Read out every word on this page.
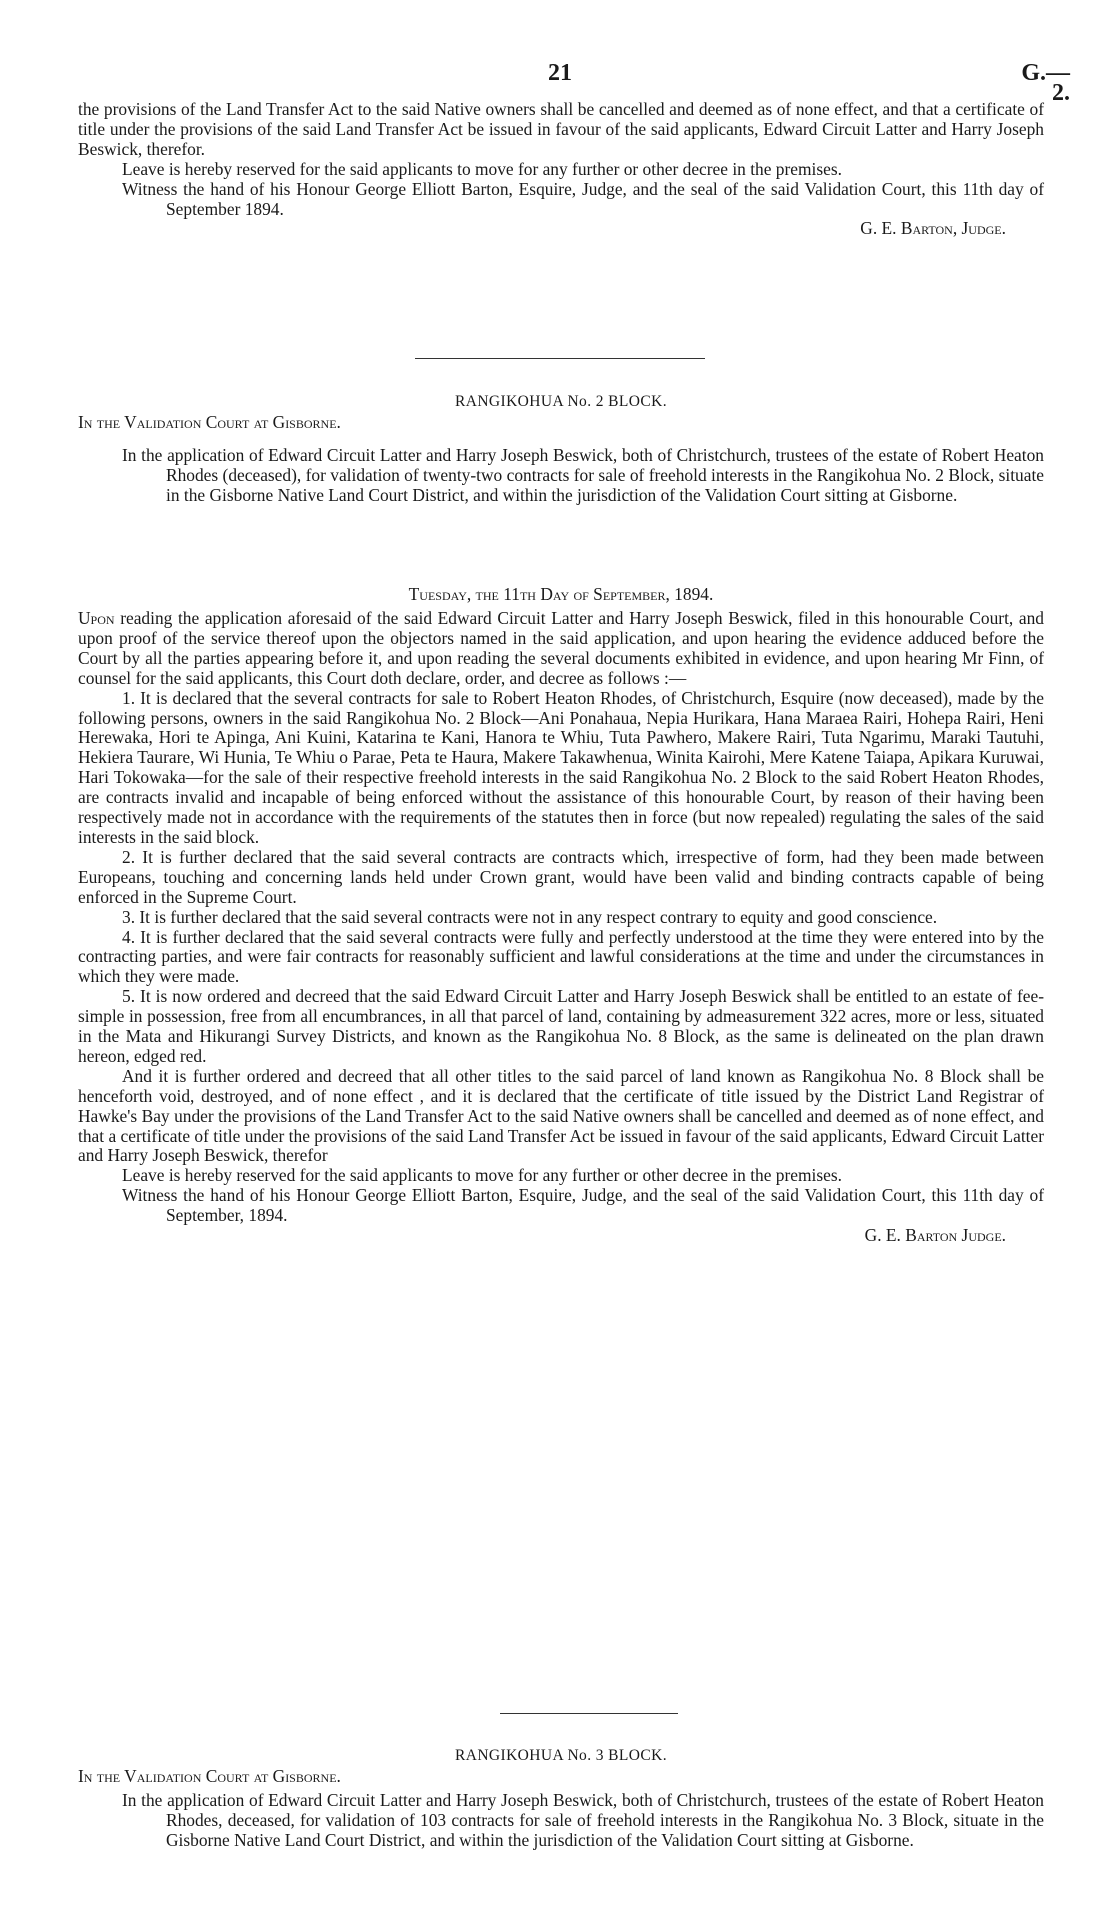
21	G.—2.

the provisions of the Land Transfer Act to the said Native owners shall be cancelled and deemed as of none effect, and that a certificate of title under the provisions of the said Land Transfer Act be issued in favour of the said applicants, Edward Circuit Latter and Harry Joseph Beswick, therefor.

Leave is hereby reserved for the said applicants to move for any further or other decree in the premises.

Witness the hand of his Honour George Elliott Barton, Esquire, Judge, and the seal of the said Validation Court, this 11th day of September 1894.

G. E. Barton, Judge.

RANGIKOHUA No. 2 BLOCK.
In the Validation Court at Gisborne.

In the application of Edward Circuit Latter and Harry Joseph Beswick, both of Christchurch, trustees of the estate of Robert Heaton Rhodes (deceased), for validation of twenty-two contracts for sale of freehold interests in the Rangikohua No. 2 Block, situate in the Gisborne Native Land Court District, and within the jurisdiction of the Validation Court sitting at Gisborne.

Tuesday, the 11th Day of September, 1894.

Upon reading the application aforesaid of the said Edward Circuit Latter and Harry Joseph Beswick, filed in this honourable Court, and upon proof of the service thereof upon the objectors named in the said application, and upon hearing the evidence adduced before the Court by all the parties appearing before it, and upon reading the several documents exhibited in evidence, and upon hearing Mr Finn, of counsel for the said applicants, this Court doth declare, order, and decree as follows :—

1. It is declared that the several contracts for sale to Robert Heaton Rhodes, of Christchurch, Esquire (now deceased), made by the following persons, owners in the said Rangikohua No. 2 Block—Ani Ponahaua, Nepia Hurikara, Hana Maraea Rairi, Hohepa Rairi, Heni Herewaka, Hori te Apinga, Ani Kuini, Katarina te Kani, Hanora te Whiu, Tuta Pawhero, Makere Rairi, Tuta Ngarimu, Maraki Tautuhi, Hekiera Taurare, Wi Hunia, Te Whiu o Parae, Peta te Haura, Makere Takawhenua, Winita Kairohi, Mere Katene Taiapa, Apikara Kuruwai, Hari Tokowaka—for the sale of their respective freehold interests in the said Rangikohua No. 2 Block to the said Robert Heaton Rhodes, are contracts invalid and incapable of being enforced without the assistance of this honourable Court, by reason of their having been respectively made not in accordance with the requirements of the statutes then in force (but now repealed) regulating the sales of the said interests in the said block.

2. It is further declared that the said several contracts are contracts which, irrespective of form, had they been made between Europeans, touching and concerning lands held under Crown grant, would have been valid and binding contracts capable of being enforced in the Supreme Court.

3. It is further declared that the said several contracts were not in any respect contrary to equity and good conscience.

4. It is further declared that the said several contracts were fully and perfectly understood at the time they were entered into by the contracting parties, and were fair contracts for reasonably sufficient and lawful considerations at the time and under the circumstances in which they were made.

5. It is now ordered and decreed that the said Edward Circuit Latter and Harry Joseph Beswick shall be entitled to an estate of fee-simple in possession, free from all encumbrances, in all that parcel of land, containing by admeasurement 322 acres, more or less, situated in the Mata and Hikurangi Survey Districts, and known as the Rangikohua No. 8 Block, as the same is delineated on the plan drawn hereon, edged red.

And it is further ordered and decreed that all other titles to the said parcel of land known as Rangikohua No. 8 Block shall be henceforth void, destroyed, and of none effect , and it is declared that the certificate of title issued by the District Land Registrar of Hawke's Bay under the provisions of the Land Transfer Act to the said Native owners shall be cancelled and deemed as of none effect, and that a certificate of title under the provisions of the said Land Transfer Act be issued in favour of the said applicants, Edward Circuit Latter and Harry Joseph Beswick, therefor

Leave is hereby reserved for the said applicants to move for any further or other decree in the premises.

Witness the hand of his Honour George Elliott Barton, Esquire, Judge, and the seal of the said Validation Court, this 11th day of September, 1894.

G. E. Barton Judge.

RANGIKOHUA No. 3 BLOCK.
In the Validation Court at Gisborne.

In the application of Edward Circuit Latter and Harry Joseph Beswick, both of Christchurch, trustees of the estate of Robert Heaton Rhodes, deceased, for validation of 103 contracts for sale of freehold interests in the Rangikohua No. 3 Block, situate in the Gisborne Native Land Court District, and within the jurisdiction of the Validation Court sitting at Gisborne.
